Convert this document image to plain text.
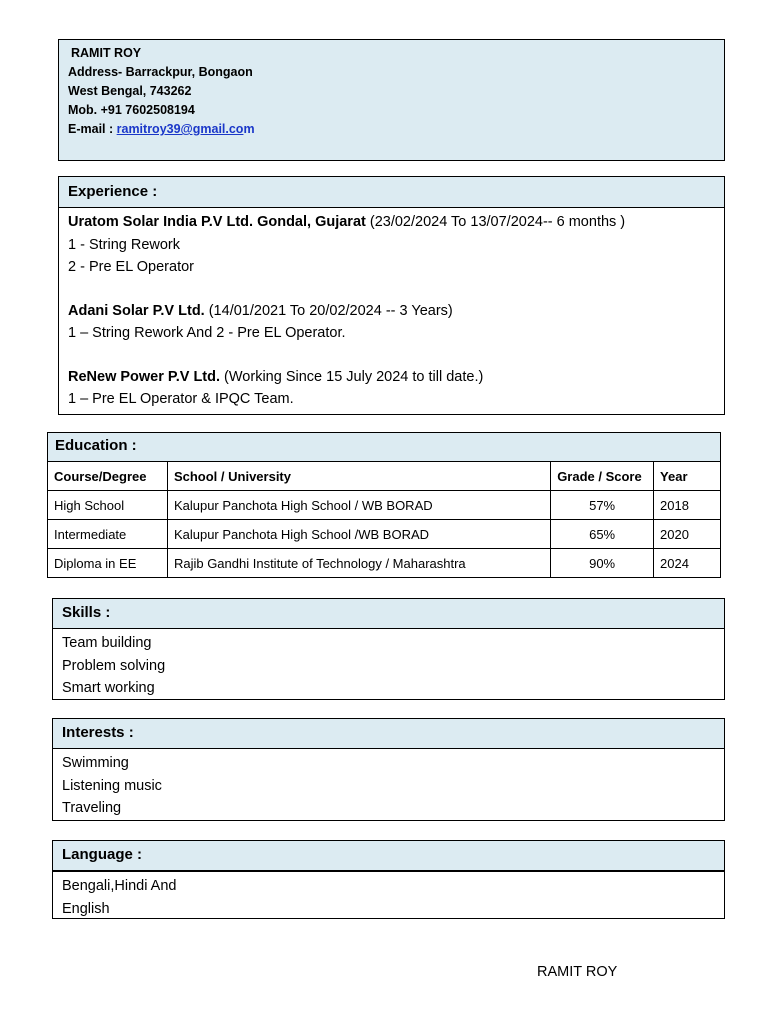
RAMIT ROY
Address- Barrackpur, Bongaon
West Bengal, 743262
Mob. +91 7602508194
E-mail : ramitroy39@gmail.com
Experience :
Uratom Solar India P.V Ltd. Gondal, Gujarat (23/02/2024 To 13/07/2024-- 6 months )
1 - String Rework
2 - Pre EL Operator
Adani Solar P.V Ltd. (14/01/2021 To 20/02/2024 -- 3 Years)
1 – String Rework And 2 - Pre EL Operator.
ReNew Power P.V Ltd. (Working Since 15 July 2024 to till date.)
1 – Pre EL Operator & IPQC Team.
Education :
Course/Degree	School / University	Grade / Score	Year
High School	Kalupur Panchota High School / WB BORAD	57%	2018
Intermediate	Kalupur Panchota High School /WB BORAD	65%	2020
Diploma in EE	Rajib Gandhi Institute of Technology / Maharashtra	90%	2024
Skills :
Team building
Problem solving
Smart working
Interests :
Swimming
Listening music
Traveling
Language :
Bengali,Hindi And
English
RAMIT ROY
